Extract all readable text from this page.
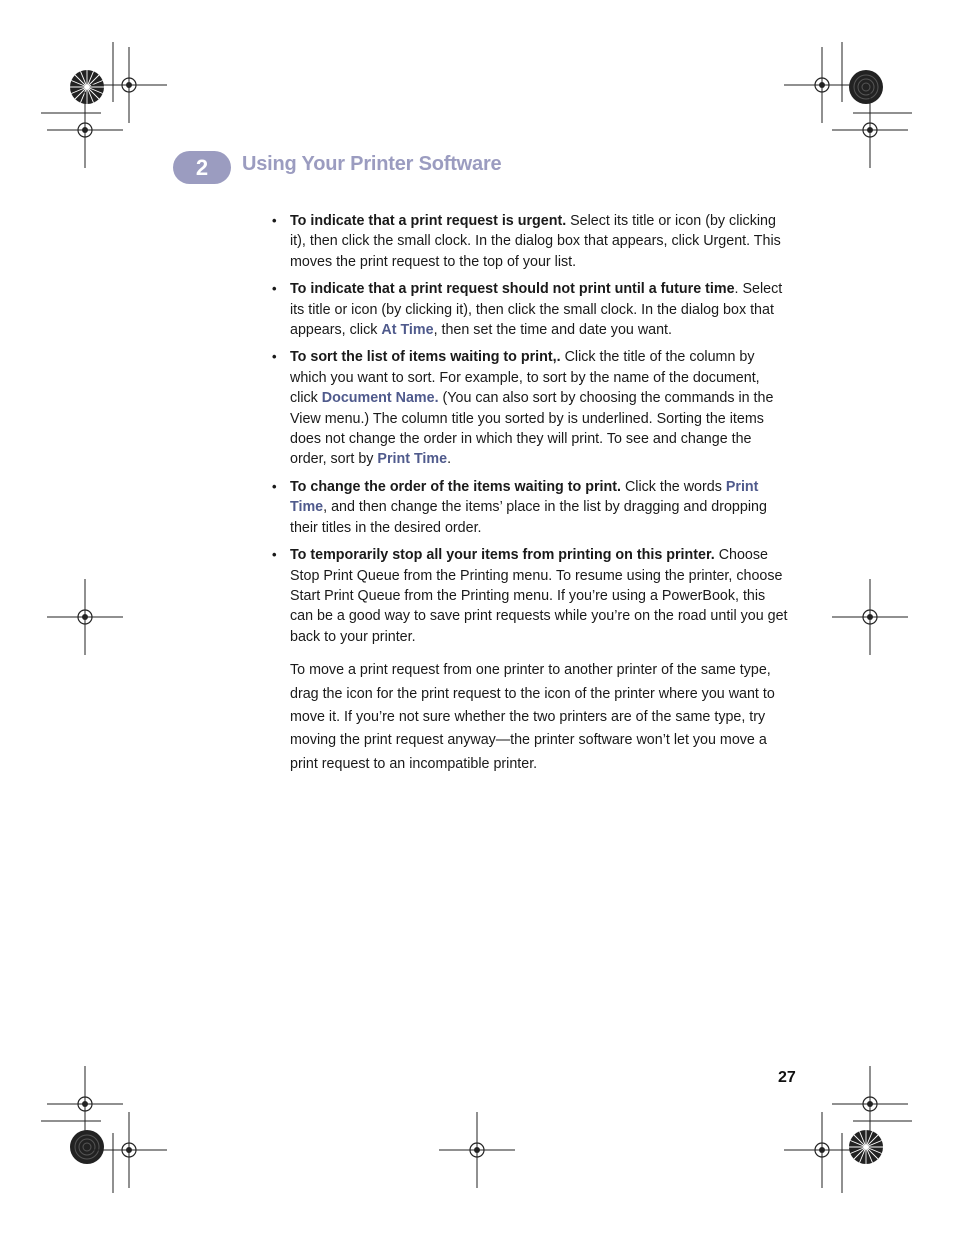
2	Using Your Printer Software
• To indicate that a print request is urgent. Select its title or icon (by clicking it), then click the small clock. In the dialog box that appears, click Urgent. This moves the print request to the top of your list.
• To indicate that a print request should not print until a future time. Select its title or icon (by clicking it), then click the small clock. In the dialog box that appears, click At Time, then set the time and date you want.
• To sort the list of items waiting to print,. Click the title of the column by which you want to sort. For example, to sort by the name of the document, click Document Name. (You can also sort by choosing the commands in the View menu.) The column title you sorted by is underlined. Sorting the items does not change the order in which they will print. To see and change the order, sort by Print Time.
• To change the order of the items waiting to print. Click the words Print Time, and then change the items’ place in the list by dragging and dropping their titles in the desired order.
• To temporarily stop all your items from printing on this printer. Choose Stop Print Queue from the Printing menu. To resume using the printer, choose Start Print Queue from the Printing menu. If you’re using a PowerBook, this can be a good way to save print requests while you’re on the road until you get back to your printer.

To move a print request from one printer to another printer of the same type, drag the icon for the print request to the icon of the printer where you want to move it. If you’re not sure whether the two printers are of the same type, try moving the print request anyway—the printer software won’t let you move a print request to an incompatible printer.

27
